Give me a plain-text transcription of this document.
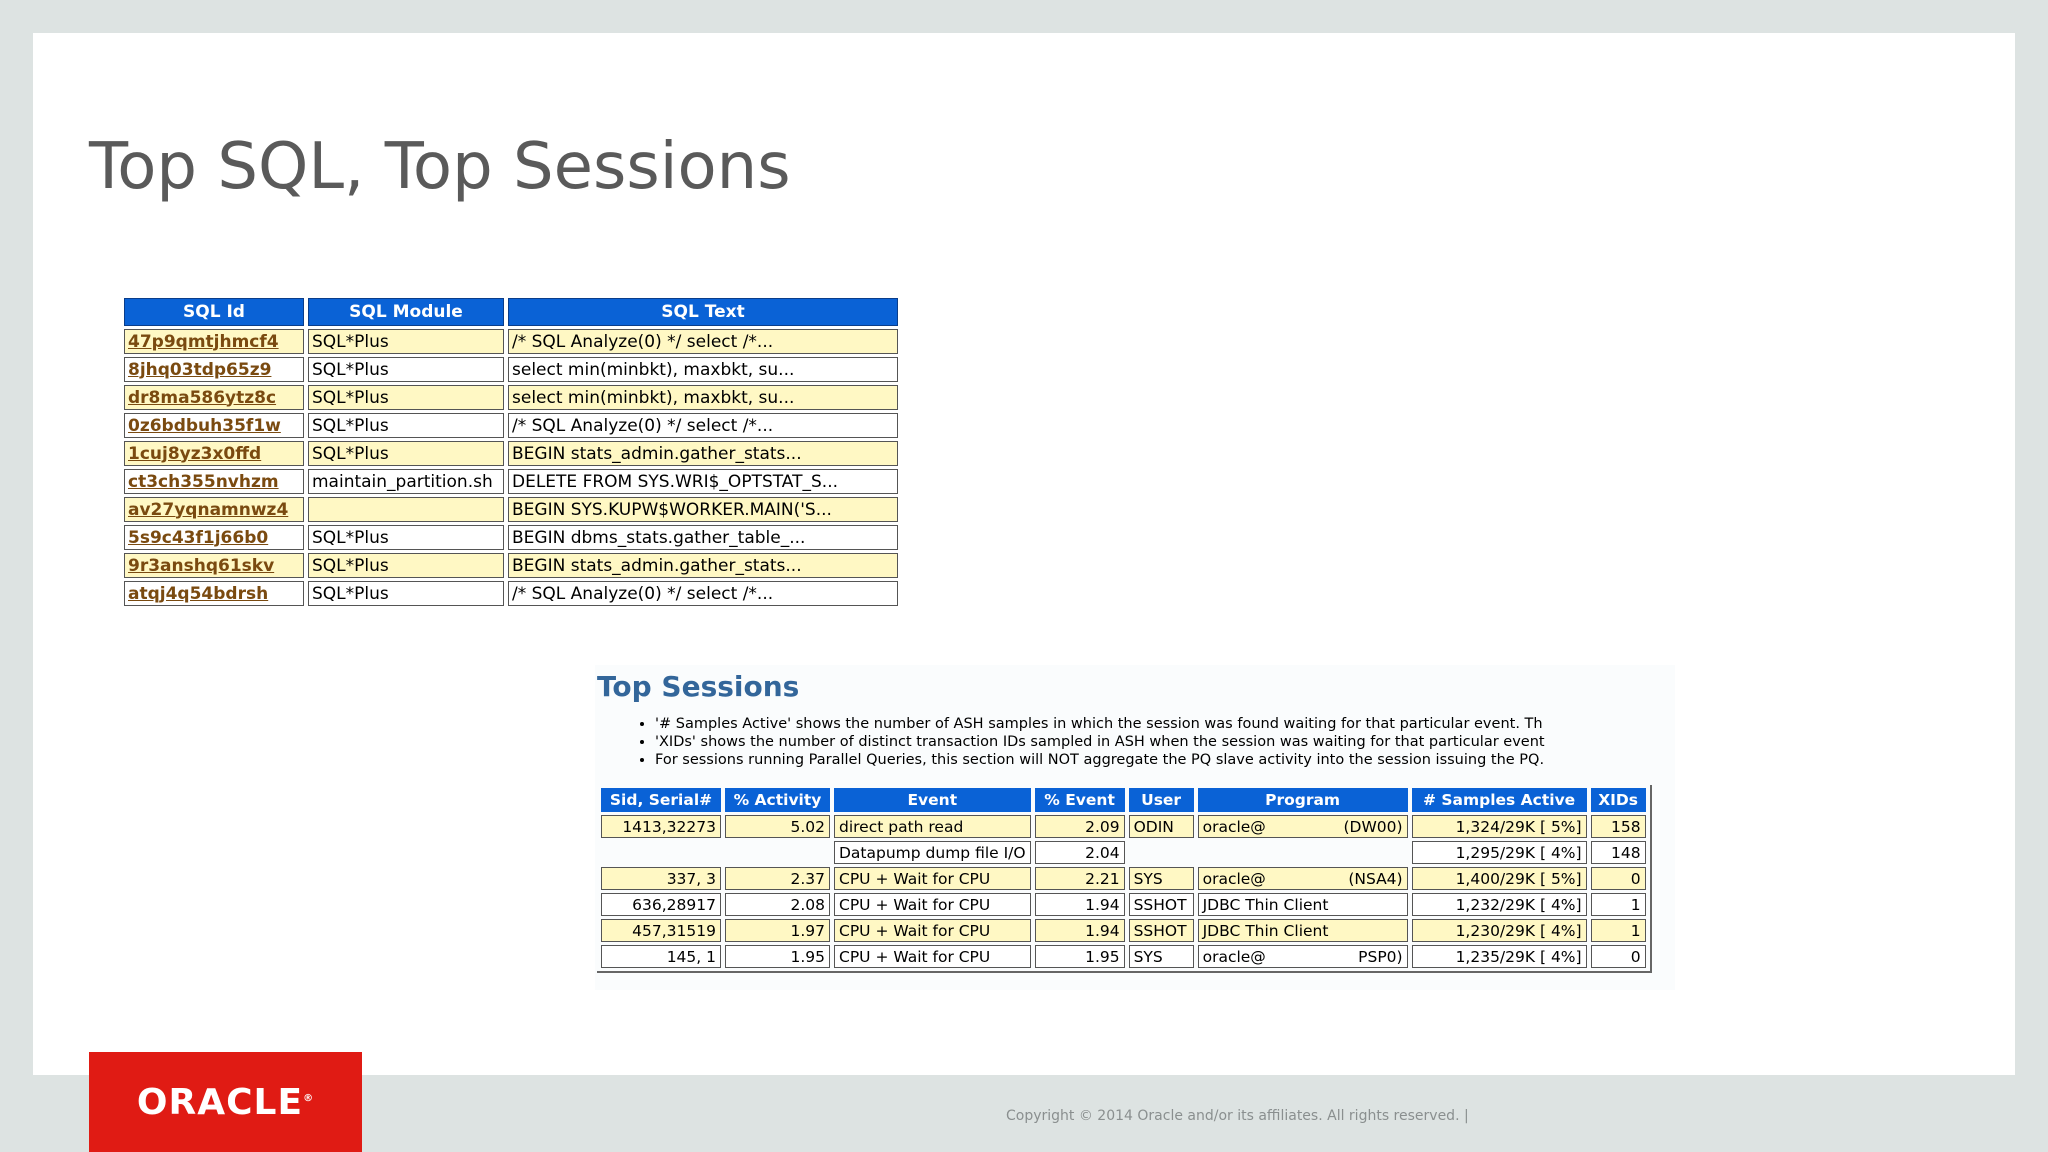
Top SQL, Top Sessions
SQL Id	SQL Module	SQL Text
47p9qmtjhmcf4	SQL*Plus	/* SQL Analyze(0) */ select /*...
8jhq03tdp65z9	SQL*Plus	select min(minbkt), maxbkt, su...
dr8ma586ytz8c	SQL*Plus	select min(minbkt), maxbkt, su...
0z6bdbuh35f1w	SQL*Plus	/* SQL Analyze(0) */ select /*...
1cuj8yz3x0ffd	SQL*Plus	BEGIN stats_admin.gather_stats...
ct3ch355nvhzm	maintain_partition.sh	DELETE FROM SYS.WRI$_OPTSTAT_S...
av27yqnamnwz4		BEGIN SYS.KUPW$WORKER.MAIN('S...
5s9c43f1j66b0	SQL*Plus	BEGIN dbms_stats.gather_table_...
9r3anshq61skv	SQL*Plus	BEGIN stats_admin.gather_stats...
atqj4q54bdrsh	SQL*Plus	/* SQL Analyze(0) */ select /*...
Top Sessions
• '# Samples Active' shows the number of ASH samples in which the session was found waiting for that particular event. Th
• 'XIDs' shows the number of distinct transaction IDs sampled in ASH when the session was waiting for that particular event
• For sessions running Parallel Queries, this section will NOT aggregate the PQ slave activity into the session issuing the PQ.
Sid, Serial#	% Activity	Event	% Event	User	Program	# Samples Active	XIDs
1413,32273	5.02	direct path read	2.09	ODIN	oracle@ (DW00)	1,324/29K [ 5%]	158
		Datapump dump file I/O	2.04			1,295/29K [ 4%]	148
337, 3	2.37	CPU + Wait for CPU	2.21	SYS	oracle@ (NSA4)	1,400/29K [ 5%]	0
636,28917	2.08	CPU + Wait for CPU	1.94	SSHOT	JDBC Thin Client	1,232/29K [ 4%]	1
457,31519	1.97	CPU + Wait for CPU	1.94	SSHOT	JDBC Thin Client	1,230/29K [ 4%]	1
145, 1	1.95	CPU + Wait for CPU	1.95	SYS	oracle@ PSP0)	1,235/29K [ 4%]	0
ORACLE®
Copyright © 2014 Oracle and/or its affiliates. All rights reserved. |
